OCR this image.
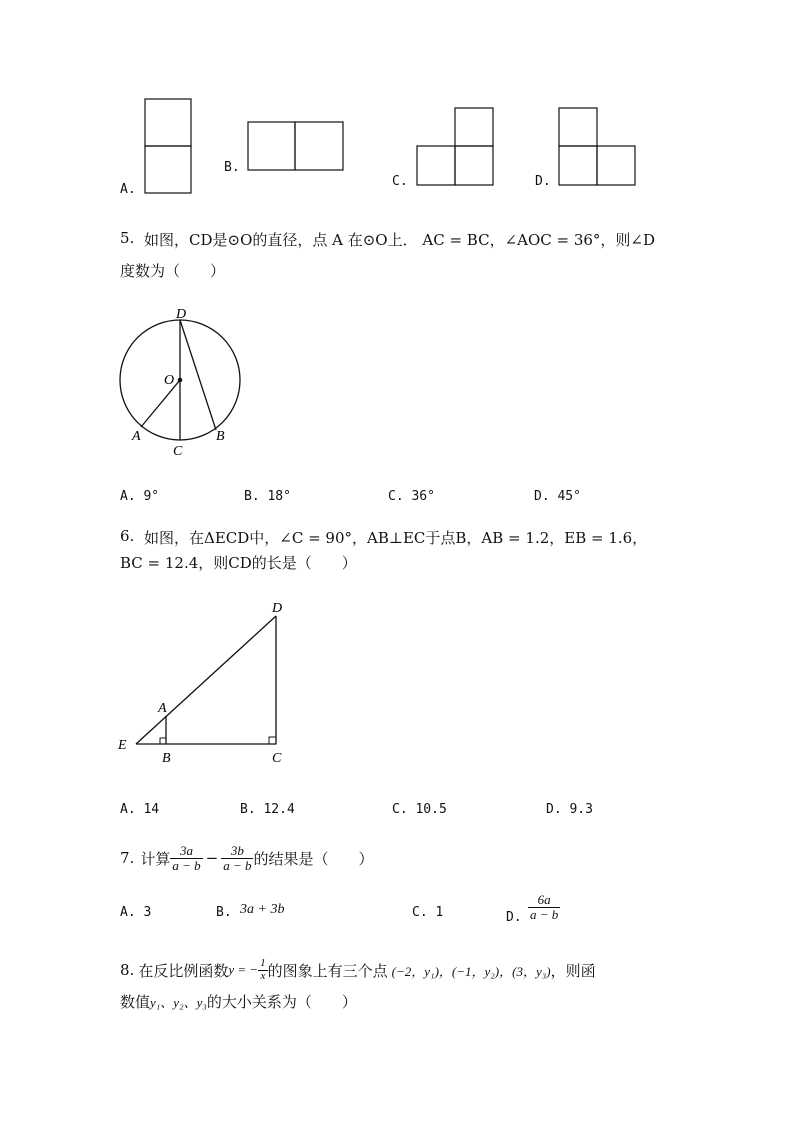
A.
B.
C.	D.
5. 如图，CD是⊙O的直径，点 A 在⊙O上． AC = BC，∠AOC = 36°，则∠D
度数为（　　）
D
O
A
C
B
A. 9°	B. 18°	C. 36°	D. 45°
6. 如图，在ΔECD中，∠C = 90°，AB⊥EC于点B，AB = 1.2，EB = 1.6，
BC = 12.4，则CD的长是（　　）
D
A
E
B	C
A. 14	B. 12.4	C. 10.5	D. 9.3
7. 计算 $\frac{3a}{a - b} - \frac{3b}{a - b}$ 的结果是（　　）
A. 3	B. 3a + 3b	C. 1	D. $\frac{6a}{a - b}$
8. 在反比例函数 y = − $\frac{1}{x}$ 的图象上有三个点 (−2，y₁)，(−1，y₂)，(3，y₃) ，则函
数值 y₁、y₂、y₃ 的大小关系为（　　）
